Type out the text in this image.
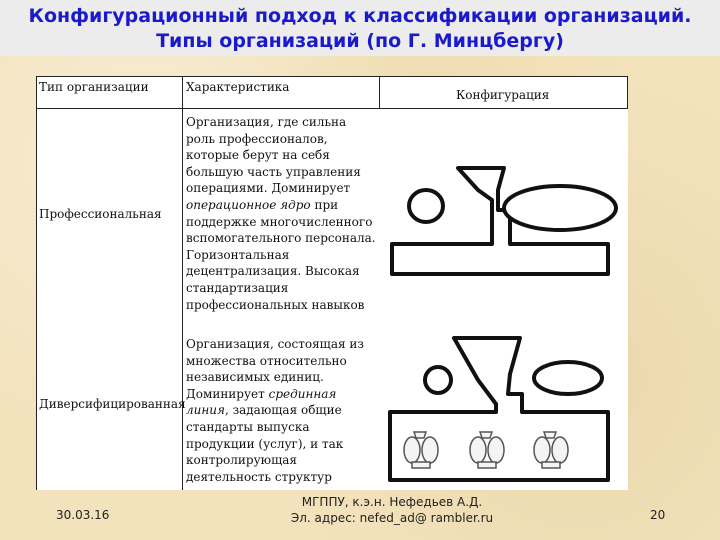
Конфигурационный подход к классификации организаций.
Типы организаций (по Г. Минцбергу)
Тип организации	Характеристика
Конфигурация
Профессиональная
Организация, где сильна роль профессионалов, которые берут на себя большую часть управления операциями. Доминирует операционное ядро при поддержке многочисленного вспомогательного персонала. Горизонтальная децентрализация. Высокая стандартизация профессиональных навыков
Диверсифицированная
Организация, состоящая из множества относительно независимых единиц. Доминирует срединная линия, задающая общие стандарты выпуска продукции (услуг), и так контролирующая деятельность структур
30.03.16
МГППУ, к.э.н. Нефедьев А.Д.
Эл. адрес: nefed_ad@ rambler.ru	20
